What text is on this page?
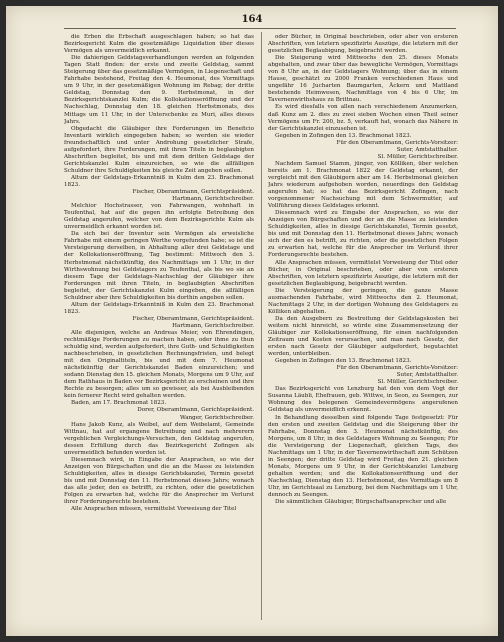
164

die Erben die Erbschaft ausgeschlagen haben; so hat das Bezirksgericht Kulm die gesetzmäßige Liquidation über dieses Vermögen als unvermeidlich erkannt.

Die dahierigen Geldstagsverhandlungen werden an folgenden Tagen Statt finden: der erste und zweite Geldstag, sammt Steigerung über das gesetzmäßige Vermögen, in Liegenschaft und Fahrhabe bestehend, Freitag den 4. Heumonat, des Vormittags um 9 Uhr, in der gesetzmäßigen Wohnung im Rebag; der dritte Geldstag, Donnstag den 9. Herbstmonat, in der Bezirksgerichtskanzlei Kulm; die Kollokationseröffnung und der Nachschlag, Donnstag den 18. gleichen Herbstmonats, des Mittags um 11 Uhr, in der Unterschenke zu Muri, alles dieses Jahrs.

Obgedacht die Gläubiger ihre Forderungen im Beneficio Inventarii wirklich eingegeben haben; so werden sie wieder freundschaftlich und unter Androhung gesetzlicher Strafe, aufgefordert, ihre Forderungen, mit ihren Titeln in beglaubigten Abschriften begleitet, bis und mit dem dritten Geldstage der Gerichtskanzlei Kulm einzureichen, so wie die allfälligen Schuldner ihre Schuldigkeiten bis gleiche Zeit angeben sollen.

Altum der Geldstags-Erkanntniß in Kulm den 23. Brachmonat 1823.

Fischer, Oberamtmann, Gerichtspräsident.

Hartmann, Gerichtschreiber.

Melchior Hochstrasser, von Fahrwangen, wohnhaft in Teufenthal, hat auf die gegen ihn erfolgte Betreibung den Geldstag angerufen, welcher von dem Bezirksgerichte Kulm als unvermeidlich erkannt worden ist.

Da sich bei der Inventur sein Vermögen als erweisliche Fahrhabe mit einem geringen Werthe vorgefunden habe; so ist die Versteigerung derselben, in Abhaltung aller drei Geldstage und der Kollokationseröffnung, Tag bestimmt: Mittwoch den 3. Herbstmonat nächstkünftig, des Nachmittags um 1 Uhr, in der Wirthswohnung bei Geldstagers zu Teufenthal, als bis wo sie an diesem Tage der Geldstags-Nachschlag der Gläubiger ihre Forderungen mit ihren Titeln, in beglaubigten Abschriften begleitet, der Gerichtskanzlei Kulm eingeben, die allfälligen Schuldner aber ihre Schuldigkeiten bis dorthin angeben sollen.

Altum der Geldstags-Erkanntniß in Kulm den 23. Brachmonat 1823.

Fischer, Oberamtmann, Gerichtspräsident.

Hartmann, Gerichtschreiber.

Alle diejenigen, welche an Andreas Meier, von Ehrendingen, rechtmäßige Forderungen zu machen haben, oder ihme zu thun schuldig sind, werden aufgefordert, ihre Guth- und Schuldigkeiten nachbeschrieben, in gesetzlichen Rechnungsfristen, und belegt mit den Originaltiteln, bis und mit dem 7. Heumonat nächstkünftig der Gerichtskanzlei Baden einzureichen; und sodann Dienstag den 15. gleichen Monats, Morgens um 9 Uhr, auf dem Rathhaus in Baden vor Bezirksgericht zu erscheinen und ihre Rechte zu besorgen; alles um so gewisser, als bei Ausbleibenden kein fernerer Recht wird gehalten werden.

Baden, am 17. Brachmonat 1823.

Dorer, Oberamtmann, Gerichtspräsident.

Wanger, Gerichtschreiber.

Hans Jakob Kunz, als Weibel, auf dem Weibelamt, Gemeinde Wittnau, hat auf ergangene Betreibung und nach mehrerern vergeblichen Vergleichungs-Versuchen, den Geldstag angerufen, dessen Erfüllung durch das Bezirksgericht Zofingen als unvermeidlich befunden worden ist.

Diesemnach wird, in Eingabe der Ansprachen, so wie der Anzeigen von Bürgschaften und die an die Masse zu leistenden Schuldigkeiten, alles in diesige Gerichtskanzlei, Termin gesetzt bis und mit Donnstag den 11. Herbstmonat dieses Jahrs; wonach das alle jeder, den es betrifft, zu richten, oder die gesetzlichen Folgen zu erwarten hat, welche für die Ansprecher im Verlurst ihrer Forderungsrechte bestehen.

Alle Ansprachen müssen, vermittelst Vorweisung der Titel

oder Bücher, in Original beschrieben, oder aber von ersteren Abschriften, von letztern spezifizirte Auszüge, die letztern mit der gesetzlichen Beglaubigung, beigebracht werden.

Die Steigerung wird Mittwochs den 25. dieses Monats abgehalten, und zwar über das bewegliche Vermögen, Vormittags von 8 Uhr an, in der Geldstagers Wohnung; über das in einem Hause, geschätzt zu 2000 Franken verschiedenen Haus und ungefähr 16 Jucharten Baumgarten, Äckern und Mattland bestehende Heimwesen, Nachmittags von 4 bis 6 Uhr, im Tavernenwirthshaus zu Brittnau.

Es wird diesfalls von allen nach verschiedenem Anzumerken, daß Kunz am 2. dies zu zwei sieben Wochen einen Theil seiner Vermögens um Fr. 200, bz. 5, verkauft hat, wonach das Nähere in der Gerichtskanzlei einzusehen ist.

Gegeben in Zofingen den 13. Brachmonat 1823.

Für den Oberamtmann, Gerichts-Vorsitzer:

Suter, Amtstatthalter.

Sl. Müller, Gerichtschreiber.

Nachdem Samuel Stamm, jünger, von Kölliken, über welchen bereits am 1. Brachmonat 1822 der Geldstag erkannt, der vergleicht mit den Gläubigern aber am 14. Herbstmonat gleichen Jahrs wiederum aufgehoben worden, neuerdings den Geldstag angerufen hat; so hat das Bezirksgericht Zofingen, nach vorgenommener Nachsuchung mit dem Schwermutter, auf Vollführung dieses Geldstages erkennt.

Diesemnach wird zu Eingabe der Ansprachen, so wie der Anzeigen von Bürgschaften und der an die Masse zu leistenden Schuldigkeiten, alles in diesige Gerichtskanzlei, Termin gesetzt, bis und mit Donnstag den 11. Herbstmonat dieses Jahrs; wonach sich der den es betrifft, zu richten, oder die gesetzlichen Folgen zu erwarten hat, welche für die Ansprecher im Verlurst ihrer Forderungsrechte bestehen.

Alle Ansprachen müssen, vermittelst Vorweisung der Titel oder Bücher, in Original beschrieben, oder aber von ersteren Abschriften, von letztern spezifizirte Auszüge, die letztern mit der gesetzlichen Beglaubigung, beigebracht werden.

Die Versteigerung der geringen, die ganze Masse ausmachenden Fahrhabe, wird Mittwochs den 2. Heumonat, Nachmittags 2 Uhr, in der dortigen Wohnung des Geldstagers zu Kölliken abgehalten.

Da den Ausgebern zu Bestreitung der Geldstagskosten bei weitem nicht hinreicht, so würde eine Zusammensetzung der Gläubiger zur Kollokationseröffnung, für einen nachfolgenden Zeitraum und Kosten verursachen, und man nach Gesetz, der ersten nach Gesetz der Gläubiger aufgefordert, begutachtet werden, unterbleiben.

Gegeben in Zofingen den 13. Brachmonat 1823.

Für den Oberamtmann, Gerichts-Vorsitzer:

Suter, Amtstatthalter.

Sl. Müller, Gerichtschreiber.

Das Bezirksgericht von Lenzburg hat den von dem Vogt der Susanna Läubli, Ehefrauen, geb. Wittwe, in Seon, zu Seengen, zur Wohnung des belegenen Gemeindevermögens angerufenen Geldstag als unvermeidlich erkennt.

In Behandlung desselben sind folgende Tage festgesetzt: Für den ersten und zweiten Geldstag und die Steigerung über ihr Fahrhabe, Donnstag den 3. Heumonat nächstkünftig, des Morgens, um 8 Uhr, in des Geldstagers Wohnung zu Seengen; Für die Versteigerung der Liegenschaft, gleichen Tags, des Nachmittags um 1 Uhr, in der Tavernenwirthschaft zum Schützen in Seengen; der dritte Geldstag wird Freitag den 21. gleichen Monats, Morgens um 9 Uhr, in der Gerichtskanzlei Lenzburg gehalten werden; und die Kollokationseröffnung und der Nachschlag, Dienstag den 13. Herbstmonat, des Vormittags um 8 Uhr, im Gerichtsaal zu Lenzburg, bei dem Nachmittags um 1 Uhr, dennoch zu Seengen.

Die sämmtlichen Gläubiger, Bürgschaftsansprecher und alle
